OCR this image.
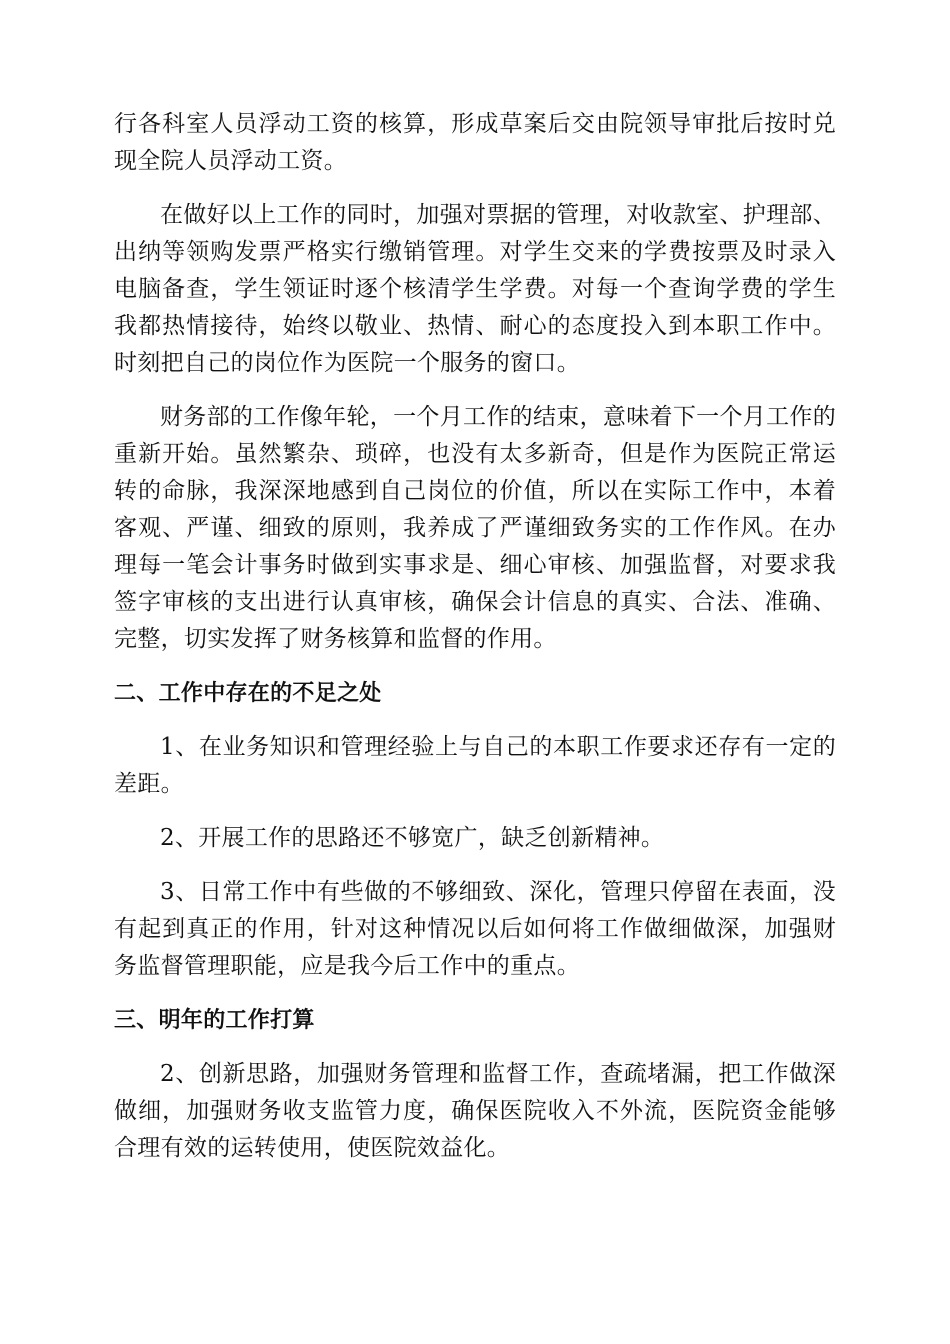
行各科室人员浮动工资的核算，形成草案后交由院领导审批后按时兑现全院人员浮动工资。

在做好以上工作的同时，加强对票据的管理，对收款室、护理部、出纳等领购发票严格实行缴销管理。对学生交来的学费按票及时录入电脑备查，学生领证时逐个核清学生学费。对每一个查询学费的学生我都热情接待，始终以敬业、热情、耐心的态度投入到本职工作中。时刻把自己的岗位作为医院一个服务的窗口。

财务部的工作像年轮，一个月工作的结束，意味着下一个月工作的重新开始。虽然繁杂、琐碎，也没有太多新奇，但是作为医院正常运转的命脉，我深深地感到自己岗位的价值，所以在实际工作中，本着客观、严谨、细致的原则，我养成了严谨细致务实的工作作风。在办理每一笔会计事务时做到实事求是、细心审核、加强监督，对要求我签字审核的支出进行认真审核，确保会计信息的真实、合法、准确、完整，切实发挥了财务核算和监督的作用。

二、工作中存在的不足之处

1、在业务知识和管理经验上与自己的本职工作要求还存有一定的差距。

2、开展工作的思路还不够宽广，缺乏创新精神。

3、日常工作中有些做的不够细致、深化，管理只停留在表面，没有起到真正的作用，针对这种情况以后如何将工作做细做深，加强财务监督管理职能，应是我今后工作中的重点。

三、明年的工作打算

2、创新思路，加强财务管理和监督工作，查疏堵漏，把工作做深做细，加强财务收支监管力度，确保医院收入不外流，医院资金能够合理有效的运转使用，使医院效益化。
